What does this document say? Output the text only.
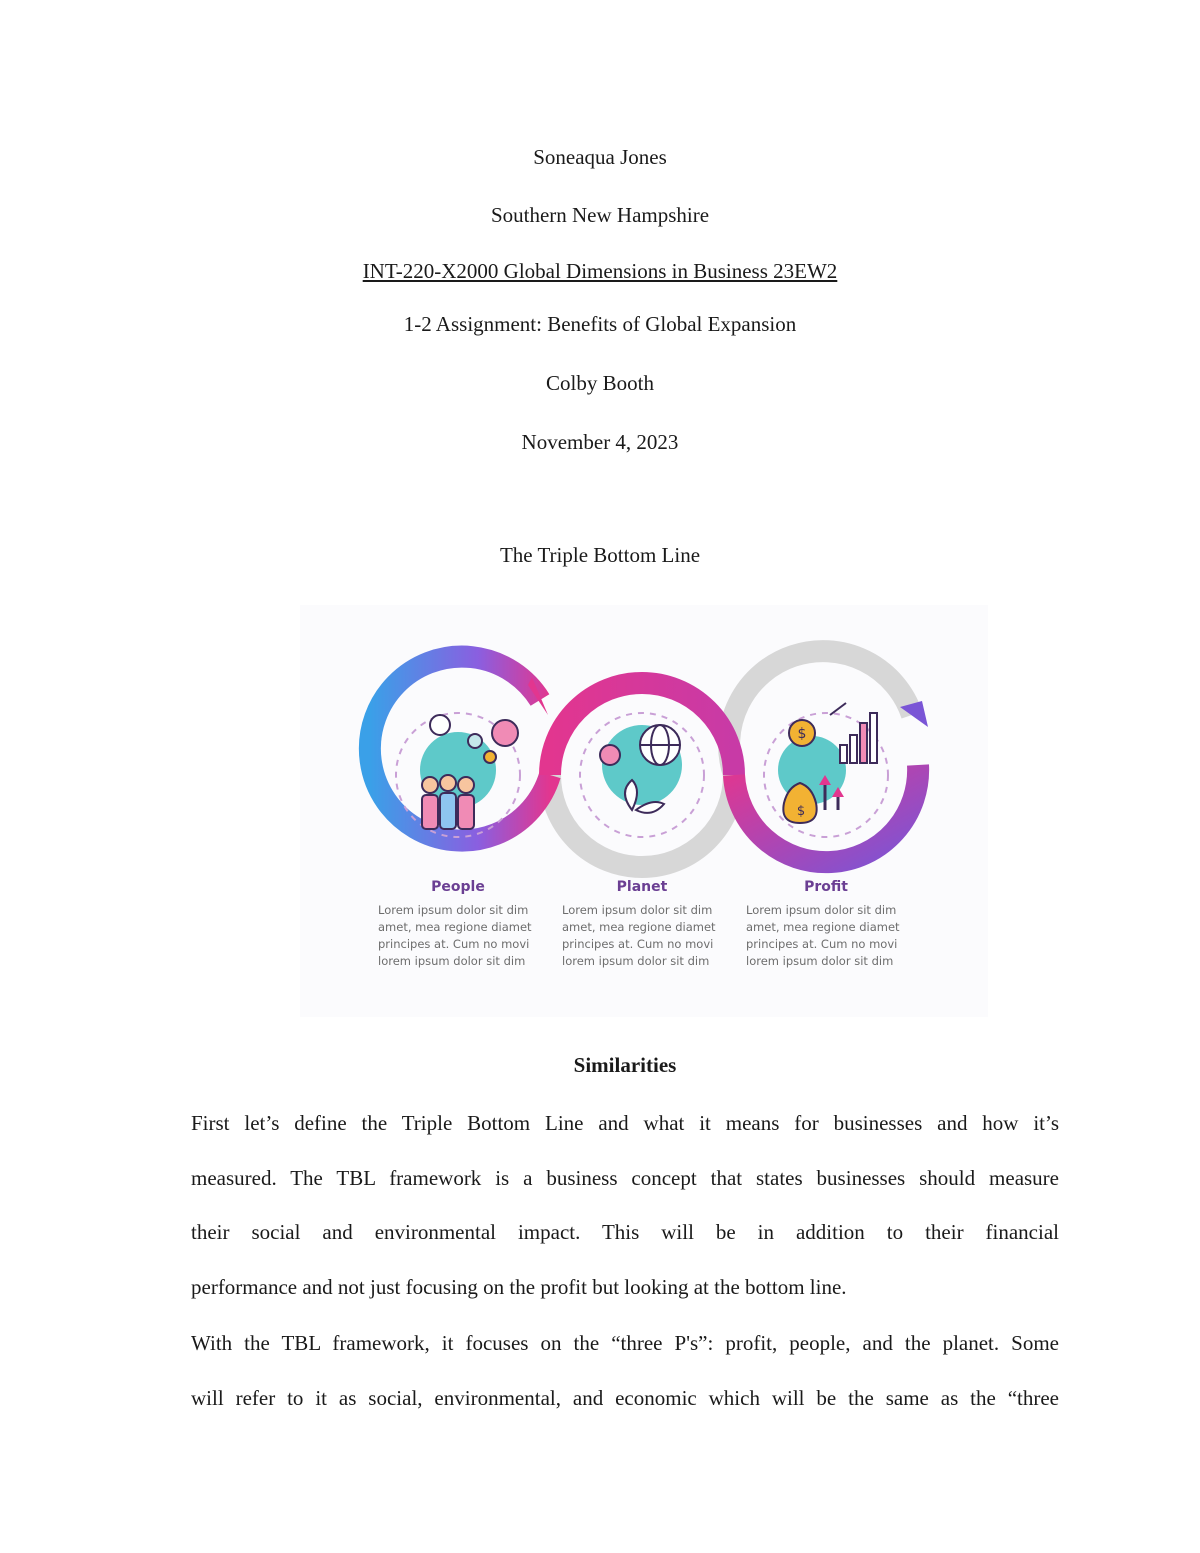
Soneaqua Jones
Southern New Hampshire
INT-220-X2000 Global Dimensions in Business 23EW2
1-2 Assignment: Benefits of Global Expansion
Colby Booth
November 4, 2023
The Triple Bottom Line
$
$
People	Planet	Profit
Lorem ipsum dolor sit dim
amet, mea regione diamet
principes at. Cum no movi
lorem ipsum dolor sit dim
Lorem ipsum dolor sit dim
amet, mea regione diamet
principes at. Cum no movi
lorem ipsum dolor sit dim
Lorem ipsum dolor sit dim
amet, mea regione diamet
principes at. Cum no movi
lorem ipsum dolor sit dim
Similarities
First let’s define the Triple Bottom Line and what it means for businesses and how it’s
measured. The TBL framework is a business concept that states businesses should measure
their social and environmental impact. This will be in addition to their financial
performance and not just focusing on the profit but looking at the bottom line.
With the TBL framework, it focuses on the “three P's”: profit, people, and the planet. Some
will refer to it as social, environmental, and economic which will be the same as the “three
